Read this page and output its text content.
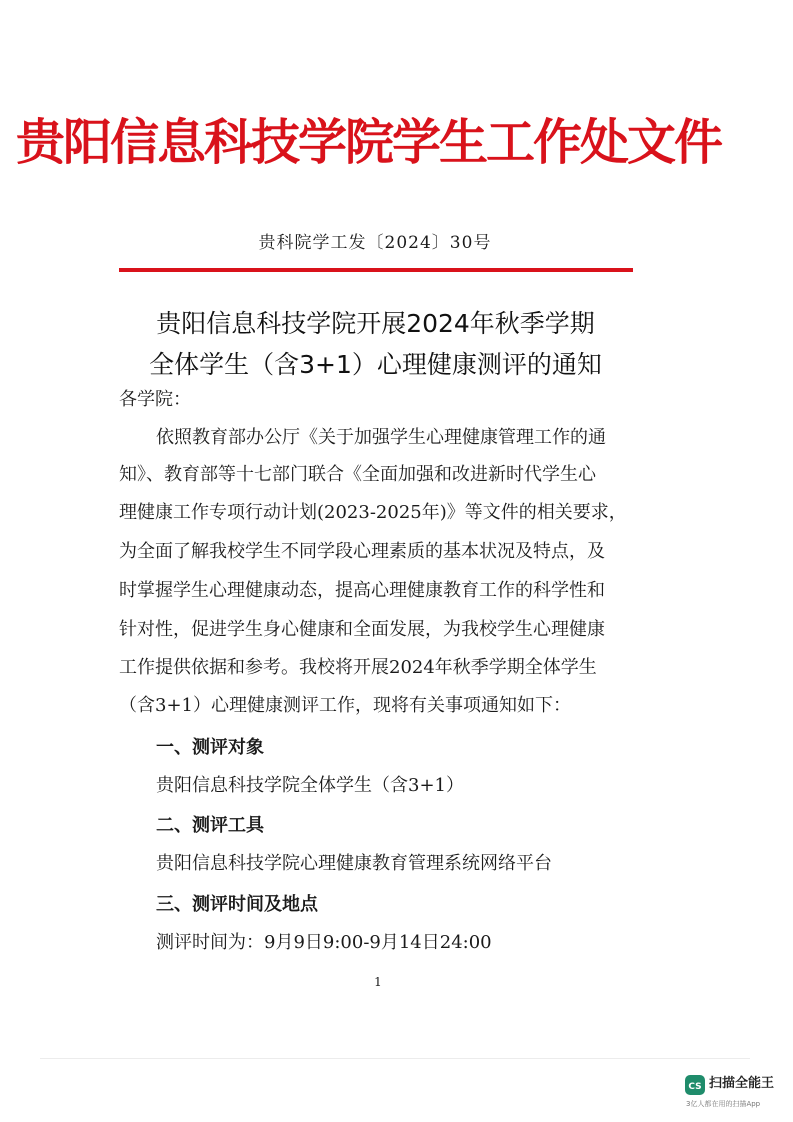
贵阳信息科技学院学生工作处文件
贵科院学工发〔2024〕30号
贵阳信息科技学院开展2024年秋季学期
全体学生（含3+1）心理健康测评的通知
各学院：
依照教育部办公厅《关于加强学生心理健康管理工作的通
知》、教育部等十七部门联合《全面加强和改进新时代学生心
理健康工作专项行动计划(2023-2025年)》等文件的相关要求，
为全面了解我校学生不同学段心理素质的基本状况及特点，及
时掌握学生心理健康动态，提高心理健康教育工作的科学性和
针对性，促进学生身心健康和全面发展，为我校学生心理健康
工作提供依据和参考。我校将开展2024年秋季学期全体学生
（含3+1）心理健康测评工作，现将有关事项通知如下：
一、测评对象
贵阳信息科技学院全体学生（含3+1）
二、测评工具
贵阳信息科技学院心理健康教育管理系统网络平台
三、测评时间及地点
测评时间为：9月9日9:00-9月14日24:00
1
CS 扫描全能王
3亿人都在用的扫描App
